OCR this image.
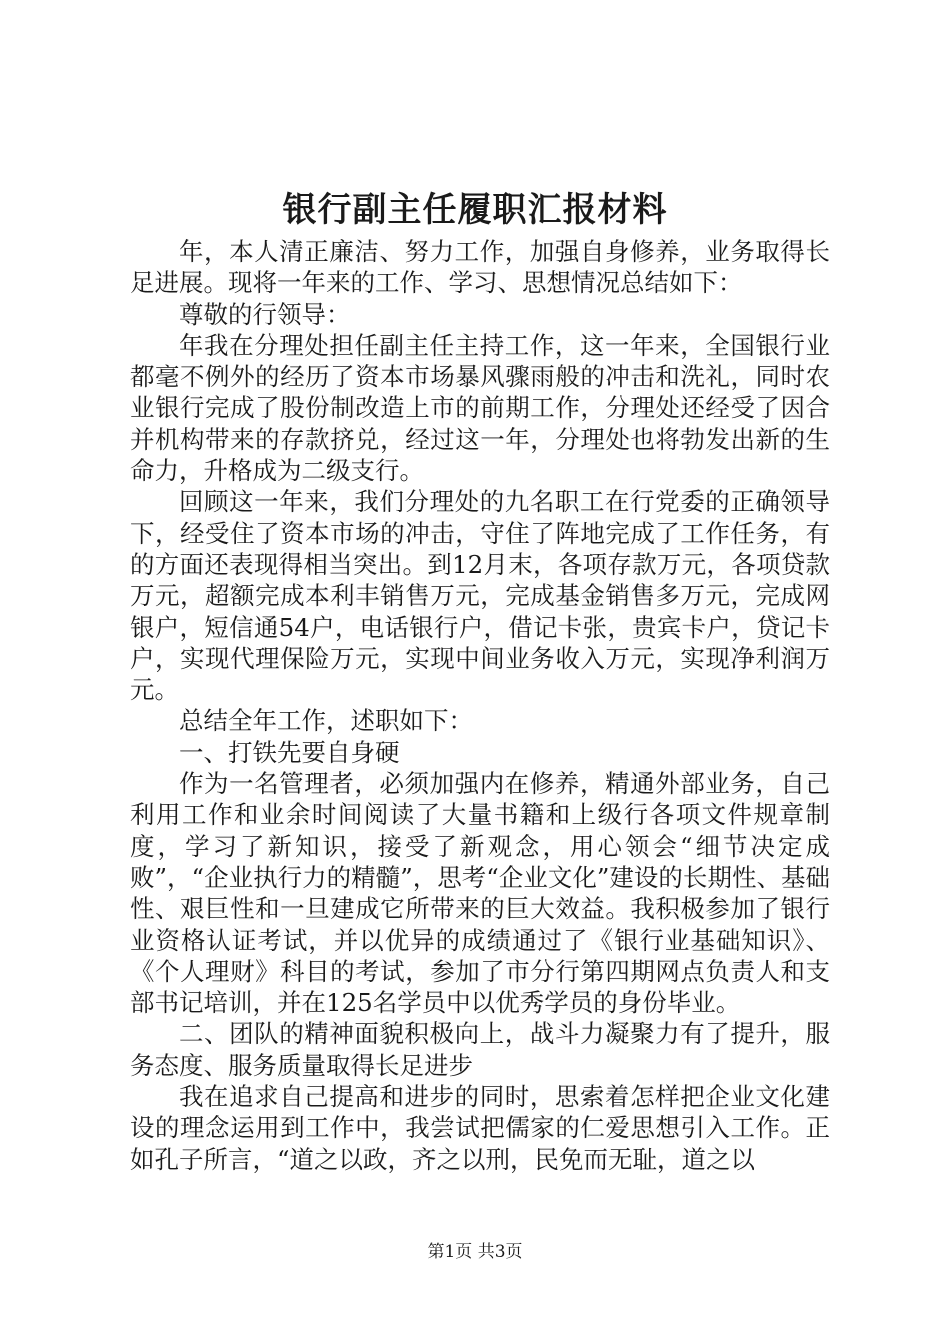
银行副主任履职汇报材料

年，本人清正廉洁、努力工作，加强自身修养，业务取得长足进展。现将一年来的工作、学习、思想情况总结如下：

尊敬的行领导：

年我在分理处担任副主任主持工作，这一年来，全国银行业都毫不例外的经历了资本市场暴风骤雨般的冲击和洗礼，同时农业银行完成了股份制改造上市的前期工作，分理处还经受了因合并机构带来的存款挤兑，经过这一年，分理处也将勃发出新的生命力，升格成为二级支行。

回顾这一年来，我们分理处的九名职工在行党委的正确领导下，经受住了资本市场的冲击，守住了阵地完成了工作任务，有的方面还表现得相当突出。到12月末，各项存款万元，各项贷款万元，超额完成本利丰销售万元，完成基金销售多万元，完成网银户，短信通54户，电话银行户，借记卡张，贵宾卡户，贷记卡户，实现代理保险万元，实现中间业务收入万元，实现净利润万元。

总结全年工作，述职如下：

一、打铁先要自身硬

作为一名管理者，必须加强内在修养，精通外部业务，自己利用工作和业余时间阅读了大量书籍和上级行各项文件规章制度，学习了新知识，接受了新观念，用心领会“细节决定成败”，“企业执行力的精髓”，思考“企业文化”建设的长期性、基础性、艰巨性和一旦建成它所带来的巨大效益。我积极参加了银行业资格认证考试，并以优异的成绩通过了《银行业基础知识》、《个人理财》科目的考试，参加了市分行第四期网点负责人和支部书记培训，并在125名学员中以优秀学员的身份毕业。

二、团队的精神面貌积极向上，战斗力凝聚力有了提升，服务态度、服务质量取得长足进步

我在追求自己提高和进步的同时，思索着怎样把企业文化建设的理念运用到工作中，我尝试把儒家的仁爱思想引入工作。正如孔子所言，“道之以政，齐之以刑，民免而无耻，道之以

第1页 共3页
